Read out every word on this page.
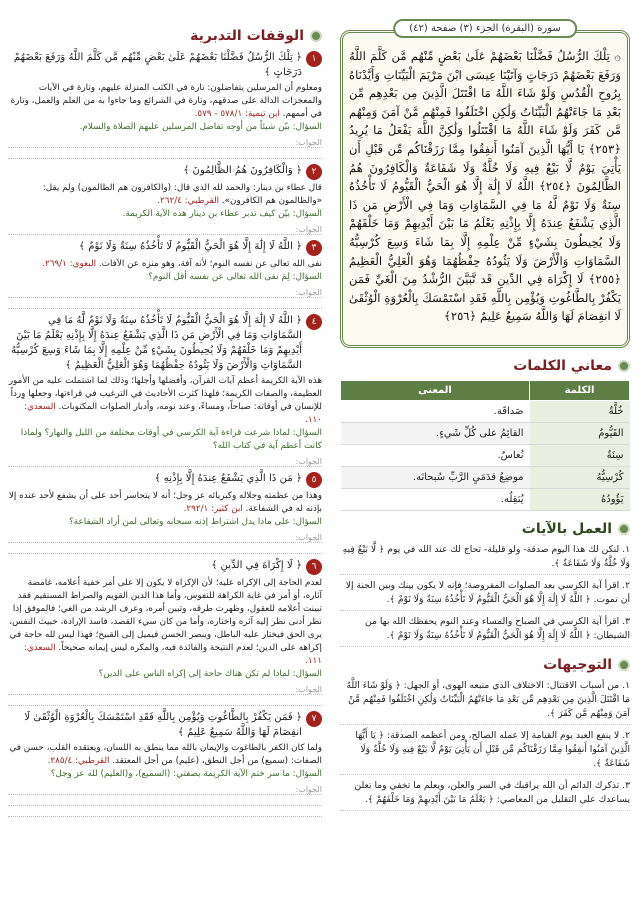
سورة (البقرة) الجزء (٣) صفحة (٤٢)
۞ تِلْكَ الرُّسُلُ فَضَّلْنَا بَعْضَهُمْ عَلَىٰ بَعْضٍ مِّنْهُم مَّن كَلَّمَ اللَّهُ وَرَفَعَ بَعْضَهُمْ دَرَجَاتٍ وَآتَيْنَا عِيسَى ابْنَ مَرْيَمَ الْبَيِّنَاتِ وَأَيَّدْنَاهُ بِرُوحِ الْقُدُسِ وَلَوْ شَاءَ اللَّهُ مَا اقْتَتَلَ الَّذِينَ مِن بَعْدِهِم مِّن بَعْدِ مَا جَاءَتْهُمُ الْبَيِّنَاتُ وَلَٰكِنِ اخْتَلَفُوا فَمِنْهُم مَّنْ آمَنَ وَمِنْهُم مَّن كَفَرَ وَلَوْ شَاءَ اللَّهُ مَا اقْتَتَلُوا وَلَٰكِنَّ اللَّهَ يَفْعَلُ مَا يُرِيدُ ﴿٢٥٣﴾ يَا أَيُّهَا الَّذِينَ آمَنُوا أَنفِقُوا مِمَّا رَزَقْنَاكُم مِّن قَبْلِ أَن يَأْتِيَ يَوْمٌ لَّا بَيْعٌ فِيهِ وَلَا خُلَّةٌ وَلَا شَفَاعَةٌ وَالْكَافِرُونَ هُمُ الظَّالِمُونَ ﴿٢٥٤﴾ اللَّهُ لَا إِلَٰهَ إِلَّا هُوَ الْحَيُّ الْقَيُّومُ لَا تَأْخُذُهُ سِنَةٌ وَلَا نَوْمٌ لَّهُ مَا فِي السَّمَاوَاتِ وَمَا فِي الْأَرْضِ مَن ذَا الَّذِي يَشْفَعُ عِندَهُ إِلَّا بِإِذْنِهِ يَعْلَمُ مَا بَيْنَ أَيْدِيهِمْ وَمَا خَلْفَهُمْ وَلَا يُحِيطُونَ بِشَيْءٍ مِّنْ عِلْمِهِ إِلَّا بِمَا شَاءَ وَسِعَ كُرْسِيُّهُ السَّمَاوَاتِ وَالْأَرْضَ وَلَا يَئُودُهُ حِفْظُهُمَا وَهُوَ الْعَلِيُّ الْعَظِيمُ ﴿٢٥٥﴾ لَا إِكْرَاهَ فِي الدِّينِ قَد تَّبَيَّنَ الرُّشْدُ مِنَ الْغَيِّ فَمَن يَكْفُرْ بِالطَّاغُوتِ وَيُؤْمِن بِاللَّهِ فَقَدِ اسْتَمْسَكَ بِالْعُرْوَةِ الْوُثْقَىٰ لَا انفِصَامَ لَهَا وَاللَّهُ سَمِيعٌ عَلِيمٌ ﴿٢٥٦﴾
معاني الكلمات
الكلمة	المعنى
خُلَّةٌ	صَداقَة.
القَيُّومُ	القائِمُ على كُلِّ شَيءٍ.
سِنَةٌ	نُعاسٌ.
كُرْسِيُّهُ	موضِعُ قدَمَيِ الرَّبِّ سُبحانَه.
يَؤُودُهُ	يُثقِلُه.
العمل بالآيات
١. لنكن لك هذا اليوم صدقة- ولو قليلة- تحاج لك عند الله في يوم ﴿ لَّا بَيْعٌ فِيهِ وَلَا خُلَّةٌ وَلَا شَفَاعَةٌ ﴾.
٢. اقرأ آية الكرسي بعد الصلوات المفروضة؛ فإنه لا يكون بينك وبين الجنة إلا أن تموت. ﴿ اللَّهُ لَا إِلَٰهَ إِلَّا هُوَ الْحَيُّ الْقَيُّومُ لَا تَأْخُذُهُ سِنَةٌ وَلَا نَوْمٌ ﴾.
٣. اقرأ آية الكرسي في الصباح والمساء وعند النوم يحفظك الله بها من الشيطان: ﴿ اللَّهُ لَا إِلَٰهَ إِلَّا هُوَ الْحَيُّ الْقَيُّومُ لَا تَأْخُذُهُ سِنَةٌ وَلَا نَوْمٌ ﴾.
التوجيهات
١. من أسباب الاقتتال: الاختلاف الذي منبعه الهوى، أو الجهل: ﴿ وَلَوْ شَاءَ اللَّهُ مَا اقْتَتَلَ الَّذِينَ مِن بَعْدِهِم مِّن بَعْدِ مَا جَاءَتْهُمُ الْبَيِّنَاتُ وَلَٰكِنِ اخْتَلَفُوا فَمِنْهُم مَّنْ آمَنَ وَمِنْهُم مَّن كَفَرَ ﴾.
٢. لا ينفع العبد يوم القيامة إلا عمله الصالح، ومن أعظمه الصدقة: ﴿ يَا أَيُّهَا الَّذِينَ آمَنُوا أَنفِقُوا مِمَّا رَزَقْنَاكُم مِّن قَبْلِ أَن يَأْتِيَ يَوْمٌ لَّا بَيْعٌ فِيهِ وَلَا خُلَّةٌ وَلَا شَفَاعَةٌ ﴾.
٣. تذكرك الدائم أن الله يراقبك في السر والعلن، ويعلم ما تخفي وما تعلن يساعدك على التقليل من المعاصي: ﴿ يَعْلَمُ مَا بَيْنَ أَيْدِيهِمْ وَمَا خَلْفَهُمْ ﴾.
الوقفات التدبرية
١
﴿ تِلْكَ الرُّسُلُ فَضَّلْنَا بَعْضَهُمْ عَلَىٰ بَعْضٍ مِّنْهُم مَّن كَلَّمَ اللَّهُ وَرَفَعَ بَعْضَهُمْ دَرَجَاتٍ ﴾
ومعلوم أن المرسلين يتفاضلون: تارة في الكتب المنزلة عليهم، وتارة في الآيات والمعجزات الدالة على صدقهم، وتارة في الشرائع وما جاءوا به من العلم والعمل، وتارة في أممهم. ابن تيمية: ٥٧٨/١ - ٥٧٩.
السؤال: بيّن شيئاً من أوجه تفاضل المرسلين عليهم الصلاة والسلام.
الجواب:
٢
﴿ وَالْكَافِرُونَ هُمُ الظَّالِمُونَ ﴾
قال عطاء بن دينار: والحمد لله الذي قال: (والكافرون هم الظالمون) ولم يقل: «والظالمون هم الكافرون». القرطبي: ٢٦٢/٤.
السؤال: بيّن كيف تدبر عطاء بن دينار هذه الآية الكريمة.
الجواب:
٣
﴿ اللَّهُ لَا إِلَٰهَ إِلَّا هُوَ الْحَيُّ الْقَيُّومُ لَا تَأْخُذُهُ سِنَةٌ وَلَا نَوْمٌ ﴾
نفى الله تعالى عن نفسه النوم؛ لأنه آفة، وهو منزه عن الآفات. البغوي: ٢٦٩/١.
السؤال: لِمَ نفى الله تعالى عن نفسه أقل النوم؟
الجواب:
٤
﴿ اللَّهُ لَا إِلَٰهَ إِلَّا هُوَ الْحَيُّ الْقَيُّومُ لَا تَأْخُذُهُ سِنَةٌ وَلَا نَوْمٌ لَّهُ مَا فِي السَّمَاوَاتِ وَمَا فِي الْأَرْضِ مَن ذَا الَّذِي يَشْفَعُ عِندَهُ إِلَّا بِإِذْنِهِ يَعْلَمُ مَا بَيْنَ أَيْدِيهِمْ وَمَا خَلْفَهُمْ وَلَا يُحِيطُونَ بِشَيْءٍ مِّنْ عِلْمِهِ إِلَّا بِمَا شَاءَ وَسِعَ كُرْسِيُّهُ السَّمَاوَاتِ وَالْأَرْضَ وَلَا يَئُودُهُ حِفْظُهُمَا وَهُوَ الْعَلِيُّ الْعَظِيمُ ﴾
هذه الآية الكريمة أعظم آيات القرآن، وأفضلها وأجلها؛ وذلك لما اشتملت عليه من الأمور العظيمة، والصفات الكريمة؛ فلهذا كثرت الأحاديث في الترغيب في قراءتها، وجعلها وِرداً للإنسان في أوقاته: صباحاً، ومساءً، وعند نومه، وأدبار الصلوات المكتوبات. السعدي: ١١٠.
السؤال: لماذا شرعت قراءة آية الكرسي في أوقات مختلفة من الليل والنهار؟ ولماذا كانت أعظم آية في كتاب الله؟
الجواب:
٥
﴿ مَن ذَا الَّذِي يَشْفَعُ عِندَهُ إِلَّا بِإِذْنِهِ ﴾
وهذا من عظمته وجلاله وكبريائه عز وجل؛ أنه لا يتجاسر أحد على أن يشفع لأحد عنده إلا بإذنه له في الشفاعة. ابن كثير: ٢٩٢/١.
السؤال: على ماذا يدل اشتراط إذنه سبحانه وتعالى لمن أراد الشفاعة؟
الجواب:
٦
﴿ لَا إِكْرَاهَ فِي الدِّينِ ﴾
لعدم الحاجة إلى الإكراه عليه؛ لأن الإكراه لا يكون إلا على أمر خفية أعلامه، غامضة آثاره، أو أمر في غاية الكراهة للنفوس، وأما هذا الدين القويم والصراط المستقيم فقد تبينت أعلامه للعقول، وظهرت طرقه، وتبين أمره، وعرف الرشد من الغي؛ فالموفق إذا نظر أدنى نظر إليه آثره واختاره، وأما من كان سيء القصد، فاسد الإرادة، خبيث النفس، يرى الحق فيختار عليه الباطل، ويبصر الحسن فيميل إلى القبيح؛ فهذا ليس لله حاجة في إكراهه على الدين؛ لعدم النتيجة والفائدة فيه، والمكره ليس إيمانه صحيحاً. السعدي: ١١١.
السؤال: لماذا لم تكن هناك حاجة إلى إكراه الناس على الدين؟
الجواب:
٧
﴿ فَمَن يَكْفُرْ بِالطَّاغُوتِ وَيُؤْمِن بِاللَّهِ فَقَدِ اسْتَمْسَكَ بِالْعُرْوَةِ الْوُثْقَىٰ لَا انفِصَامَ لَهَا وَاللَّهُ سَمِيعٌ عَلِيمٌ ﴾
ولما كان الكفر بالطاغوت والإيمان بالله مما ينطق به اللسان، ويعتقده القلب، حسن في الصفات: (سميع) من أجل النطق، (عليم) من أجل المعتقد. القرطبي: ٢٨٥/٤.
السؤال: ما سر ختم الآية الكريمة بصفتي: (السميع)، و(العليم) لله عز وجل؟
الجواب:
